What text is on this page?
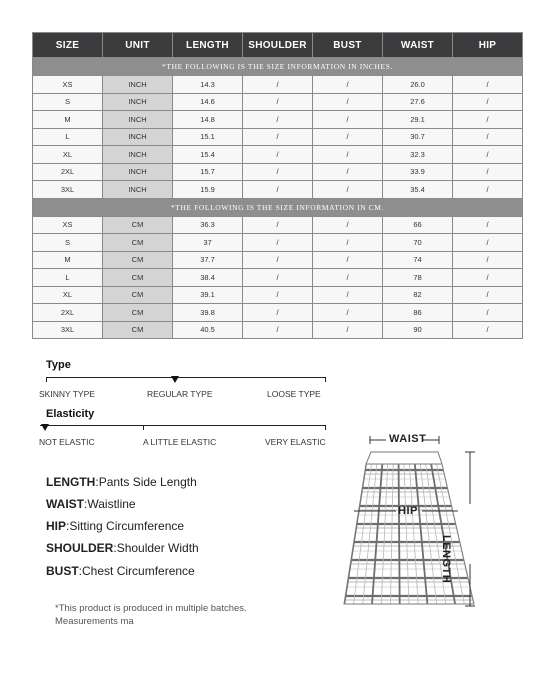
SIZE	UNIT	LENGTH	SHOULDER	BUST	WAIST	HIP
*THE FOLLOWING IS THE SIZE INFORMATION IN INCHES.						
XS	INCH	14.3	/	/	26.0	/
S	INCH	14.6	/	/	27.6	/
M	INCH	14.8	/	/	29.1	/
L	INCH	15.1	/	/	30.7	/
XL	INCH	15.4	/	/	32.3	/
2XL	INCH	15.7	/	/	33.9	/
3XL	INCH	15.9	/	/	35.4	/
*THE FOLLOWING IS THE SIZE INFORMATION IN CM.						
XS	CM	36.3	/	/	66	/
S	CM	37	/	/	70	/
M	CM	37.7	/	/	74	/
L	CM	38.4	/	/	78	/
XL	CM	39.1	/	/	82	/
2XL	CM	39.8	/	/	86	/
3XL	CM	40.5	/	/	90	/
Type
SKINNY TYPE	REGULAR TYPE	LOOSE TYPE
Elasticity
NOT ELASTIC	A LITTLE ELASTIC	VERY ELASTIC
LENGTH:Pants Side Length
WAIST:Waistline
HIP:Sitting Circumference
SHOULDER:Shoulder Width
BUST:Chest Circumference
*This product is produced in multiple batches.
Measurements ma
WAIST
HIP
LENGTH
